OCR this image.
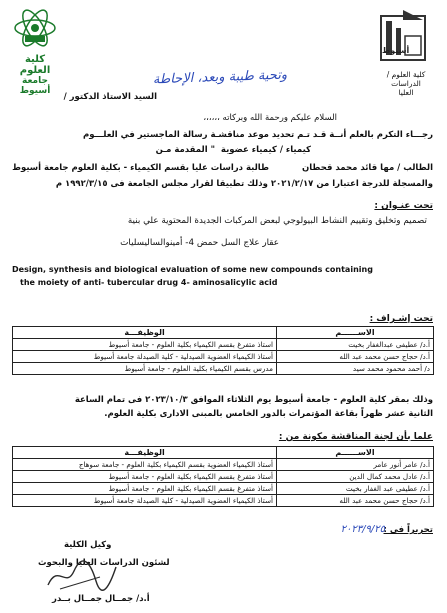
كلية العلوم
جامعة أسيوط
أسيوط
كلية العلوم / الدراسات
العليا
وتحية طيبة وبعد، الإحاطة
السيد الاستاذ الدكتور /
السلام عليكم ورحمة الله وبركاته ،،،،،،
رجـــاء التكرم بالعلم أنــة قـد تـم تحديد موعد مناقشـة رسالة الماجستير في العلـــوم
كيمياء / كيمياء عضوية
" المقدمة مـن
الطالب / مها قائد محمد قحطان
طالبة دراسات عليا بقسم الكيمياء - بكلية العلوم جامعة أسيوط
والمسجلة للدرجة اعتبارا من ٢٠٢١/٢/١٧ وذلك تطبيقا لقرار مجلس الجامعة فى ١٩٩٢/٣/١٥ م
تحت عنـوان :
تصميم وتخليق وتقييم النشاط البيولوجي لبعض المركبات الجديدة المحتوية علي بنية
عقار علاج السل حمض 4- أمينوالساليسليات
Design, synthesis and biological evaluation of some new compounds containing
the moiety of anti- tubercular drug 4- aminosalicylic acid
تحت إشـراف :
الاســــــم	الوظيفـــة
أ.د/ عطيفى عبدالغفار بخيت	استاذ متفرغ بقسم الكيمياء بكلية العلوم - جامعة أسيوط
أ.د/ حجاج حسن محمد عبد الله	أستاذ الكيمياء العضوية الصيدلية - كلية الصيدلة جامعة أسيوط
د/ أحمد محمود محمد سيد	مدرس بقسم الكيمياء بكلية العلوم - جامعة أسيوط
وذلك بمقر كلية العلوم - جامعة أسيوط يوم الثلاثاء الموافق ٢٠٢٣/١٠/٣ فى تمام الساعة
الثانية عشر ظهراً بقاعة المؤتمرات بالدور الخامس بالمبنى الادارى بكلية العلوم.
علما بأن لجنة المناقشة مكونة من :
الاســــــم	الوظيفـــة
أ.د/ عامر أنور عامر	أستاذ الكيمياء العضوية بقسم الكيمياء بكلية العلوم - جامعة سوهاج
أ.د/ عادل محمد كمال الدين	أستاذ متفرغ بقسم الكيمياء بكلية العلوم - جامعة أسيوط
أ.د/ عطيفى عبد الغفار بخيت	أستاذ متفرغ بقسم الكيمياء بكلية العلوم - جامعة أسيوط
أ.د/ حجاج حسن محمد عبد الله	أستاذ الكيمياء العضوية الصيدلية - كلية الصيدلة جامعة أسيوط
تحريراً فى :
٢٠٢٣/٩/٢٥
وكيل الكلية
لشئون الدراسات العليا والبحوث
أ.د/ جمــال جمــال بــدر
